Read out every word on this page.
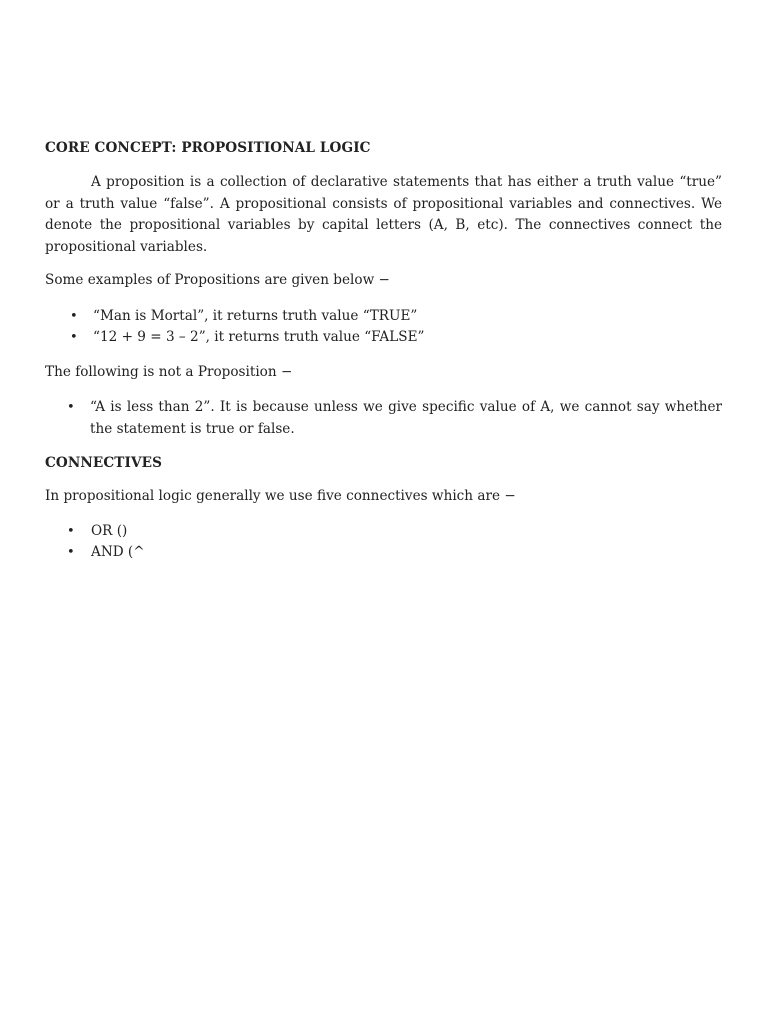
CORE CONCEPT: PROPOSITIONAL LOGIC

A proposition is a collection of declarative statements that has either a truth value “true” or a truth value “false”. A propositional consists of propositional variables and connectives. We denote the propositional variables by capital letters (A, B, etc). The connectives connect the propositional variables.

Some examples of Propositions are given below −

• “Man is Mortal”, it returns truth value “TRUE”
• “12 + 9 = 3 – 2”, it returns truth value “FALSE”

The following is not a Proposition −

• “A is less than 2”. It is because unless we give specific value of A, we cannot say whether the statement is true or false.

CONNECTIVES

In propositional logic generally we use five connectives which are −

• OR ()
• AND (^
